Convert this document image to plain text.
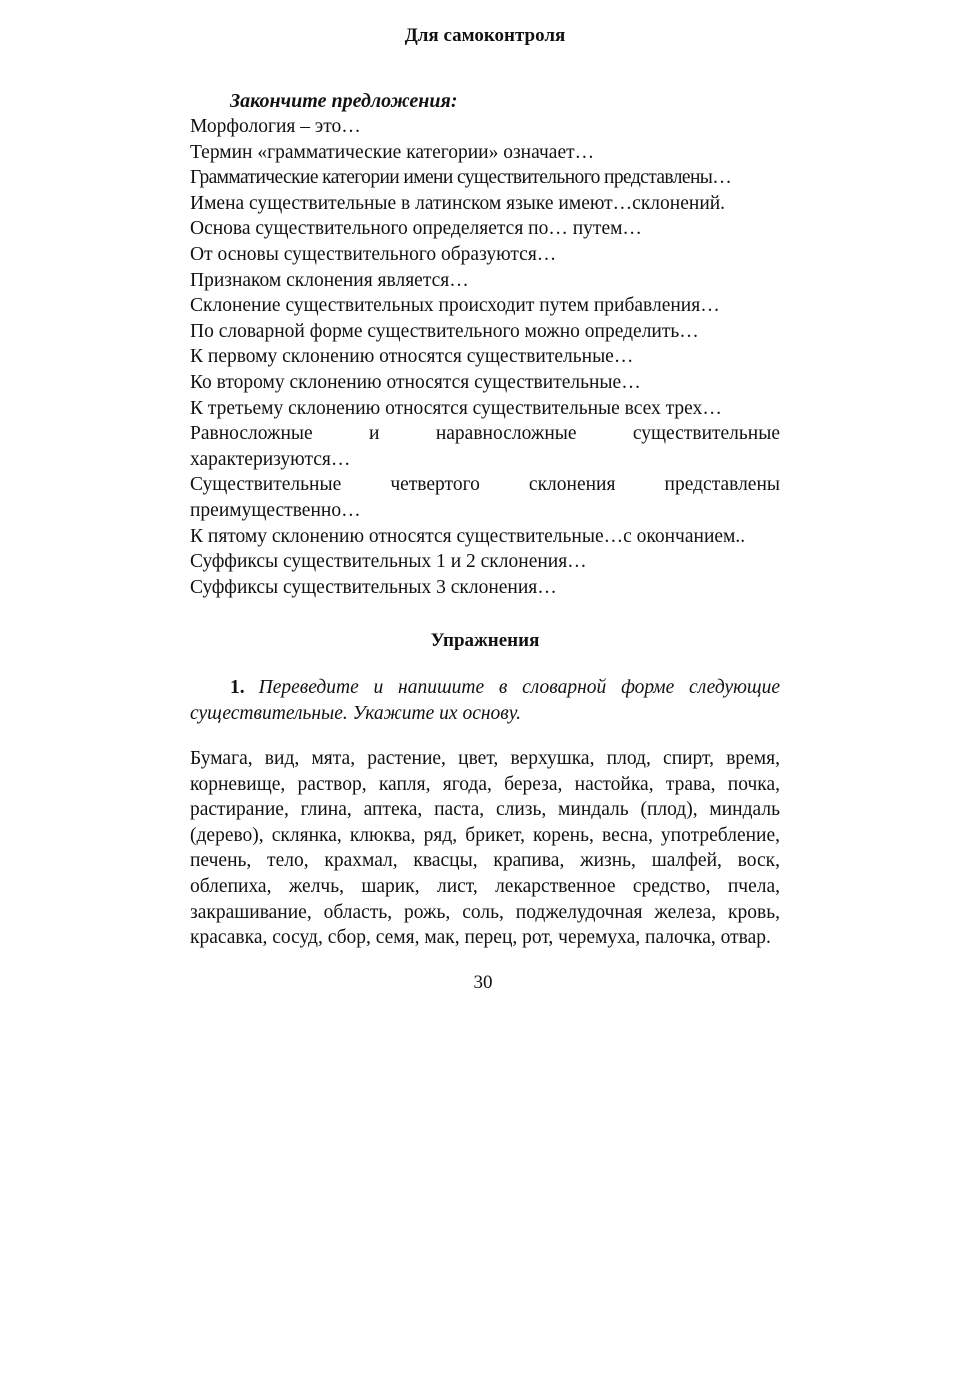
Для самоконтроля

Закончите предложения:

Морфология – это…
Термин «грамматические категории» означает…
Грамматические категории имени существительного представлены…
Имена существительные в латинском языке имеют…склонений.
Основа существительного определяется по… путем…
От основы существительного образуются…
Признаком склонения является…
Склонение существительных происходит путем прибавления…
По словарной форме существительного можно определить…
К первому склонению относятся существительные…
Ко второму склонению относятся существительные…
К третьему склонению относятся существительные всех трех…
Равносложные и наравносложные существительные характеризуются…
Существительные четвертого склонения представлены преимущественно…
К пятому склонению относятся существительные…с окончанием..
Суффиксы существительных 1 и 2 склонения…
Суффиксы существительных 3 склонения…
Упражнения

1. Переведите и напишите в словарной форме следующие существительные. Укажите их основу.

Бумага, вид, мята, растение, цвет, верхушка, плод, спирт, время, корневище, раствор, капля, ягода, береза, настойка, трава, почка, растирание, глина, аптека, паста, слизь, миндаль (плод), миндаль (дерево), склянка, клюква, ряд, брикет, корень, весна, употребление, печень, тело, крахмал, квасцы, крапива, жизнь, шалфей, воск, облепиха, желчь, шарик, лист, лекарственное средство, пчела, закрашивание, область, рожь, соль, поджелудочная железа, кровь, красавка, сосуд, сбор, семя, мак, перец, рот, черемуха, палочка, отвар.

30
